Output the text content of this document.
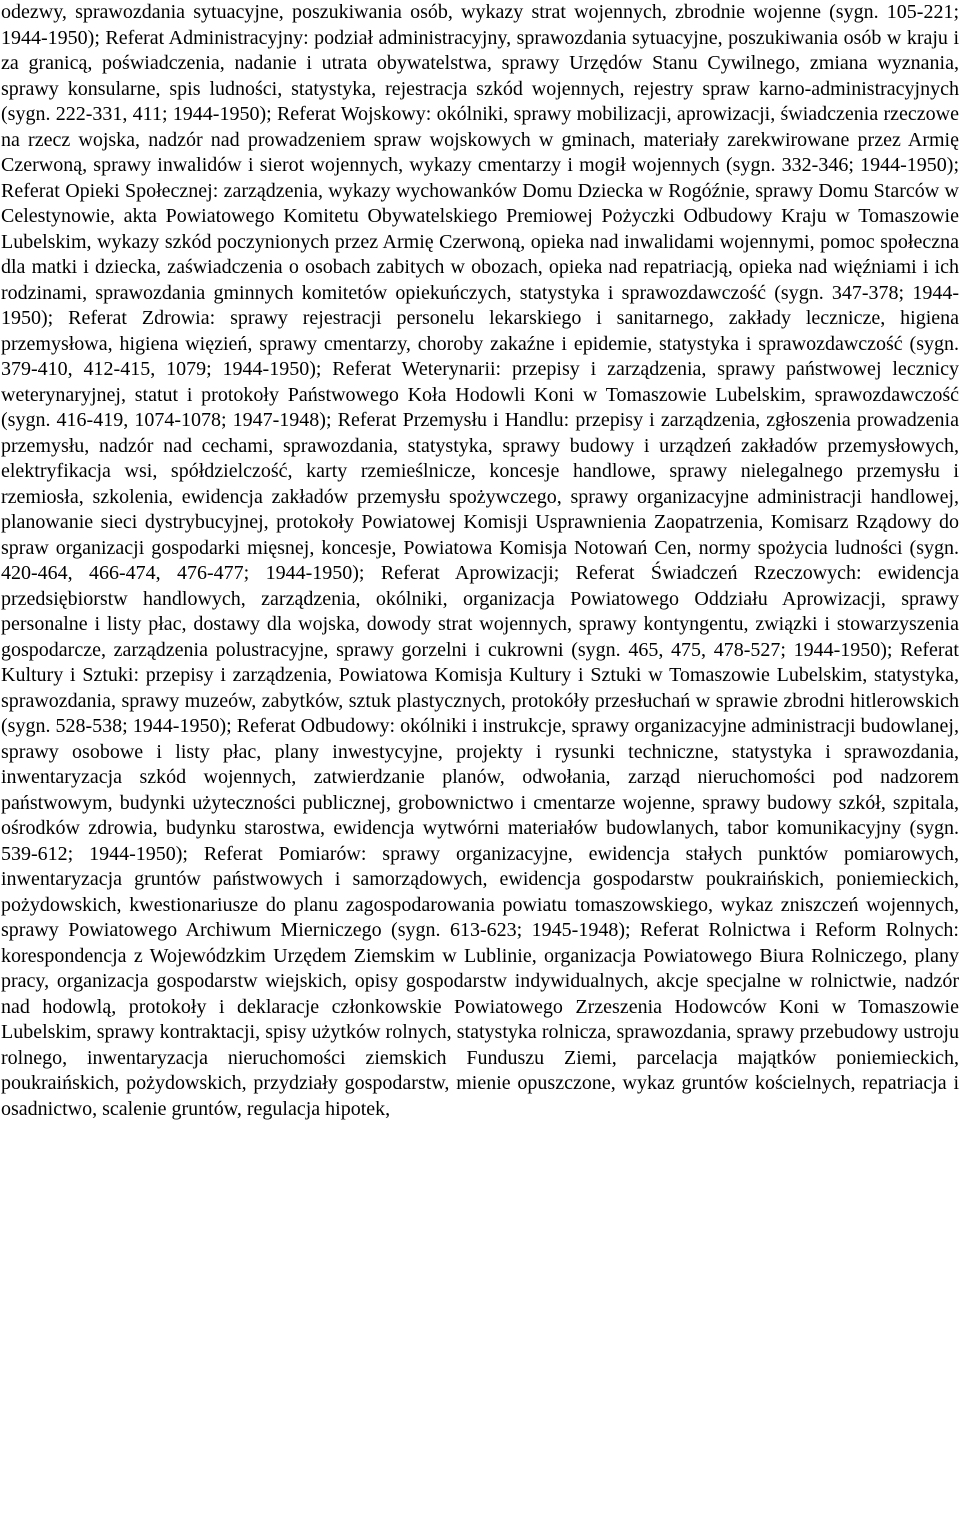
odezwy, sprawozdania sytuacyjne, poszukiwania osób, wykazy strat wojennych, zbrodnie wojenne (sygn. 105-221; 1944-1950); Referat Administracyjny: podział administracyjny, sprawozdania sytuacyjne, poszukiwania osób w kraju i za granicą, poświadczenia, nadanie i utrata obywatelstwa, sprawy Urzędów Stanu Cywilnego, zmiana wyznania, sprawy konsularne, spis ludności, statystyka, rejestracja szkód wojennych, rejestry spraw karno-administracyjnych (sygn. 222-331, 411; 1944-1950); Referat Wojskowy: okólniki, sprawy mobilizacji, aprowizacji, świadczenia rzeczowe na rzecz wojska, nadzór nad prowadzeniem spraw wojskowych w gminach, materiały zarekwirowane przez Armię Czerwoną, sprawy inwalidów i sierot wojennych, wykazy cmentarzy i mogił wojennych (sygn. 332-346; 1944-1950); Referat Opieki Społecznej: zarządzenia, wykazy wychowanków Domu Dziecka w Rogóźnie, sprawy Domu Starców w Celestynowie, akta Powiatowego Komitetu Obywatelskiego Premiowej Pożyczki Odbudowy Kraju w Tomaszowie Lubelskim, wykazy szkód poczynionych przez Armię Czerwoną, opieka nad inwalidami wojennymi, pomoc społeczna dla matki i dziecka, zaświadczenia o osobach zabitych w obozach, opieka nad repatriacją, opieka nad więźniami i ich rodzinami, sprawozdania gminnych komitetów opiekuńczych, statystyka i sprawozdawczość (sygn. 347-378; 1944-1950); Referat Zdrowia: sprawy rejestracji personelu lekarskiego i sanitarnego, zakłady lecznicze, higiena przemysłowa, higiena więzień, sprawy cmentarzy, choroby zakaźne i epidemie, statystyka i sprawozdawczość (sygn. 379-410, 412-415, 1079; 1944-1950); Referat Weterynarii: przepisy i zarządzenia, sprawy państwowej lecznicy weterynaryjnej, statut i protokoły Państwowego Koła Hodowli Koni w Tomaszowie Lubelskim, sprawozdawczość (sygn. 416-419, 1074-1078; 1947-1948); Referat Przemysłu i Handlu: przepisy i zarządzenia, zgłoszenia prowadzenia przemysłu, nadzór nad cechami, sprawozdania, statystyka, sprawy budowy i urządzeń zakładów przemysłowych, elektryfikacja wsi, spółdzielczość, karty rzemieślnicze, koncesje handlowe, sprawy nielegalnego przemysłu i rzemiosła, szkolenia, ewidencja zakładów przemysłu spożywczego, sprawy organizacyjne administracji handlowej, planowanie sieci dystrybucyjnej, protokoły Powiatowej Komisji Usprawnienia Zaopatrzenia, Komisarz Rządowy do spraw organizacji gospodarki mięsnej, koncesje, Powiatowa Komisja Notowań Cen, normy spożycia ludności (sygn. 420-464, 466-474, 476-477; 1944-1950); Referat Aprowizacji; Referat Świadczeń Rzeczowych: ewidencja przedsiębiorstw handlowych, zarządzenia, okólniki, organizacja Powiatowego Oddziału Aprowizacji, sprawy personalne i listy płac, dostawy dla wojska, dowody strat wojennych, sprawy kontyngentu, związki i stowarzyszenia gospodarcze, zarządzenia polustracyjne, sprawy gorzelni i cukrowni (sygn. 465, 475, 478-527; 1944-1950); Referat Kultury i Sztuki: przepisy i zarządzenia, Powiatowa Komisja Kultury i Sztuki w Tomaszowie Lubelskim, statystyka, sprawozdania, sprawy muzeów, zabytków, sztuk plastycznych, protokóły przesłuchań w sprawie zbrodni hitlerowskich (sygn. 528-538; 1944-1950); Referat Odbudowy: okólniki i instrukcje, sprawy organizacyjne administracji budowlanej, sprawy osobowe i listy płac, plany inwestycyjne, projekty i rysunki techniczne, statystyka i sprawozdania, inwentaryzacja szkód wojennych, zatwierdzanie planów, odwołania, zarząd nieruchomości pod nadzorem państwowym, budynki użyteczności publicznej, grobownictwo i cmentarze wojenne, sprawy budowy szkół, szpitala, ośrodków zdrowia, budynku starostwa, ewidencja wytwórni materiałów budowlanych, tabor komunikacyjny (sygn. 539-612; 1944-1950); Referat Pomiarów: sprawy organizacyjne, ewidencja stałych punktów pomiarowych, inwentaryzacja gruntów państwowych i samorządowych, ewidencja gospodarstw poukraińskich, poniemieckich, pożydowskich, kwestionariusze do planu zagospodarowania powiatu tomaszowskiego, wykaz zniszczeń wojennych, sprawy Powiatowego Archiwum Mierniczego (sygn. 613-623; 1945-1948); Referat Rolnictwa i Reform Rolnych: korespondencja z Wojewódzkim Urzędem Ziemskim w Lublinie, organizacja Powiatowego Biura Rolniczego, plany pracy, organizacja gospodarstw wiejskich, opisy gospodarstw indywidualnych, akcje specjalne w rolnictwie, nadzór nad hodowlą, protokoły i deklaracje członkowskie Powiatowego Zrzeszenia Hodowców Koni w Tomaszowie Lubelskim, sprawy kontraktacji, spisy użytków rolnych, statystyka rolnicza, sprawozdania, sprawy przebudowy ustroju rolnego, inwentaryzacja nieruchomości ziemskich Funduszu Ziemi, parcelacja majątków poniemieckich, poukraińskich, pożydowskich, przydziały gospodarstw, mienie opuszczone, wykaz gruntów kościelnych, repatriacja i osadnictwo, scalenie gruntów, regulacja hipotek,
